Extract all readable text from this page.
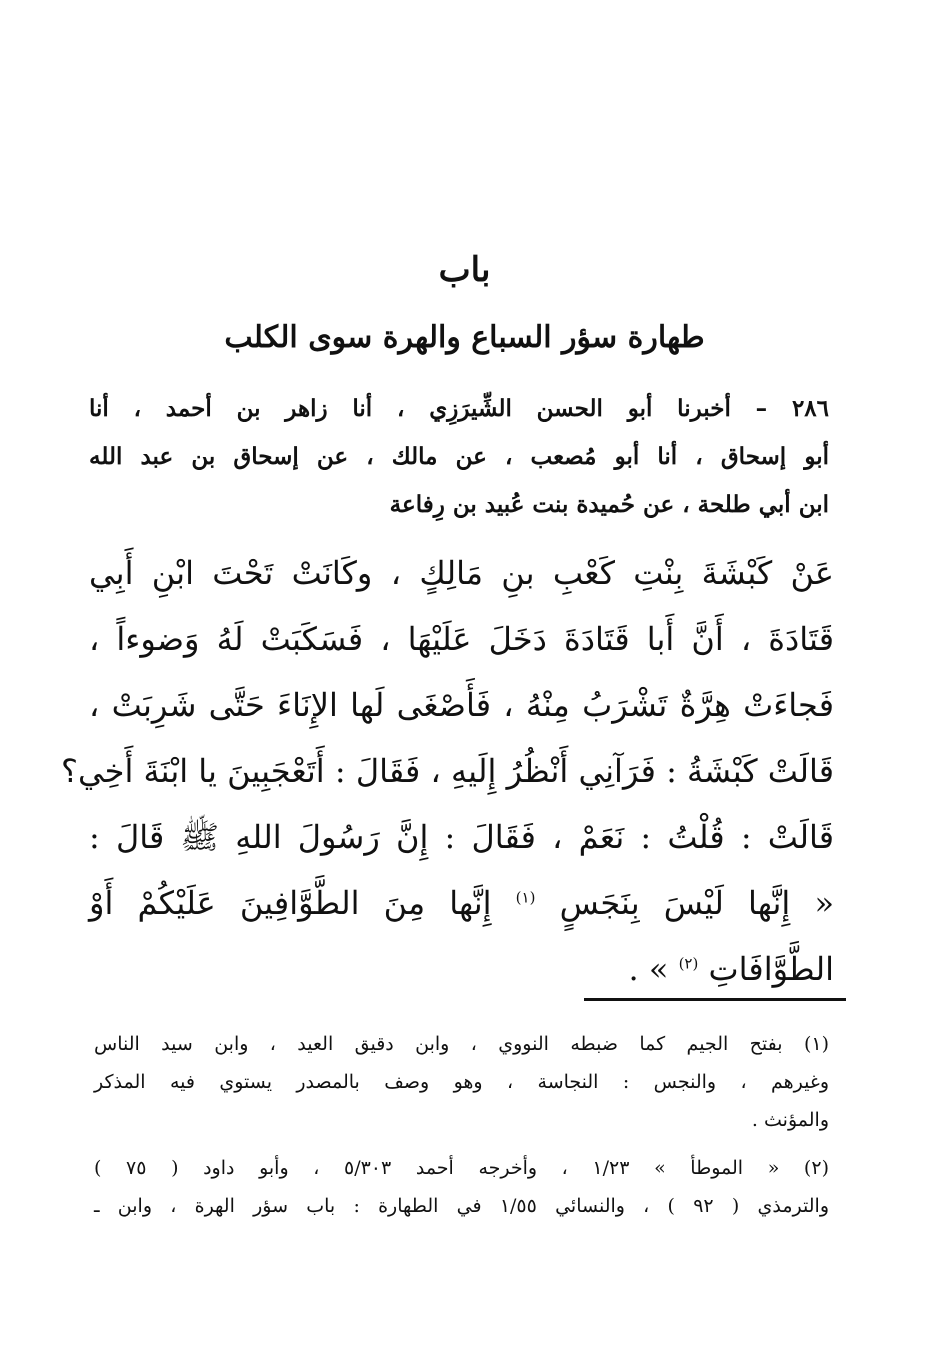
باب
طهارة سؤر السباع والهرة سوى الكلب
٢٨٦ – أخبرنا أبو الحسن الشِّيرَزِي ، أنا زاهر بن أحمد ، أنا
أبو إسحاق ، أنا أبو مُصعب ، عن مالك ، عن إسحاق بن عبد الله
ابن أبي طلحة ، عن حُميدة بنت عُبيد بن رِفاعة
عَنْ كَبْشَةَ بِنْتِ كَعْبِ بنِ مَالِكٍ ، وكَانَتْ تَحْتَ ابْنِ أَبِي
قَتَادَةَ ، أَنَّ أَبا قَتَادَةَ دَخَلَ عَلَيْهَا ، فَسَكَبَتْ لَهُ وَضوءاً ،
فَجاءَتْ هِرَّةٌ تَشْرَبُ مِنْهُ ، فَأَصْغَى لَها الإِنَاءَ حَتَّى شَرِبَتْ ،
قَالَتْ كَبْشَةُ : فَرَآنِي أَنْظُرُ إِلَيهِ ، فَقَالَ : أَتَعْجَبِينَ يا ابْنَةَ أَخِي؟
قَالَتْ : قُلْتُ : نَعَمْ ، فَقَالَ : إِنَّ رَسُولَ اللهِ ﷺ قَالَ :
« إِنَّها لَيْسَ بِنَجَسٍ $^{(١)}$ إِنَّها مِنَ الطَّوَّافِينَ عَلَيْكُمْ أَوْ
الطَّوَّافَاتِ $^{(٢)}$ » .
(١) بفتح الجيم كما ضبطه النووي ، وابن دقيق العيد ، وابن سيد الناس
وغيرهم ، والنجس : النجاسة ، وهو وصف بالمصدر يستوي فيه المذكر
والمؤنث .
(٢) « الموطأ » ١/٢٣ ، وأخرجه أحمد ٥/٣٠٣ ، وأبو داود ( ٧٥ )
والترمذي ( ٩٢ ) ، والنسائي ١/٥٥ في الطهارة : باب سؤر الهرة ، وابن ـ
